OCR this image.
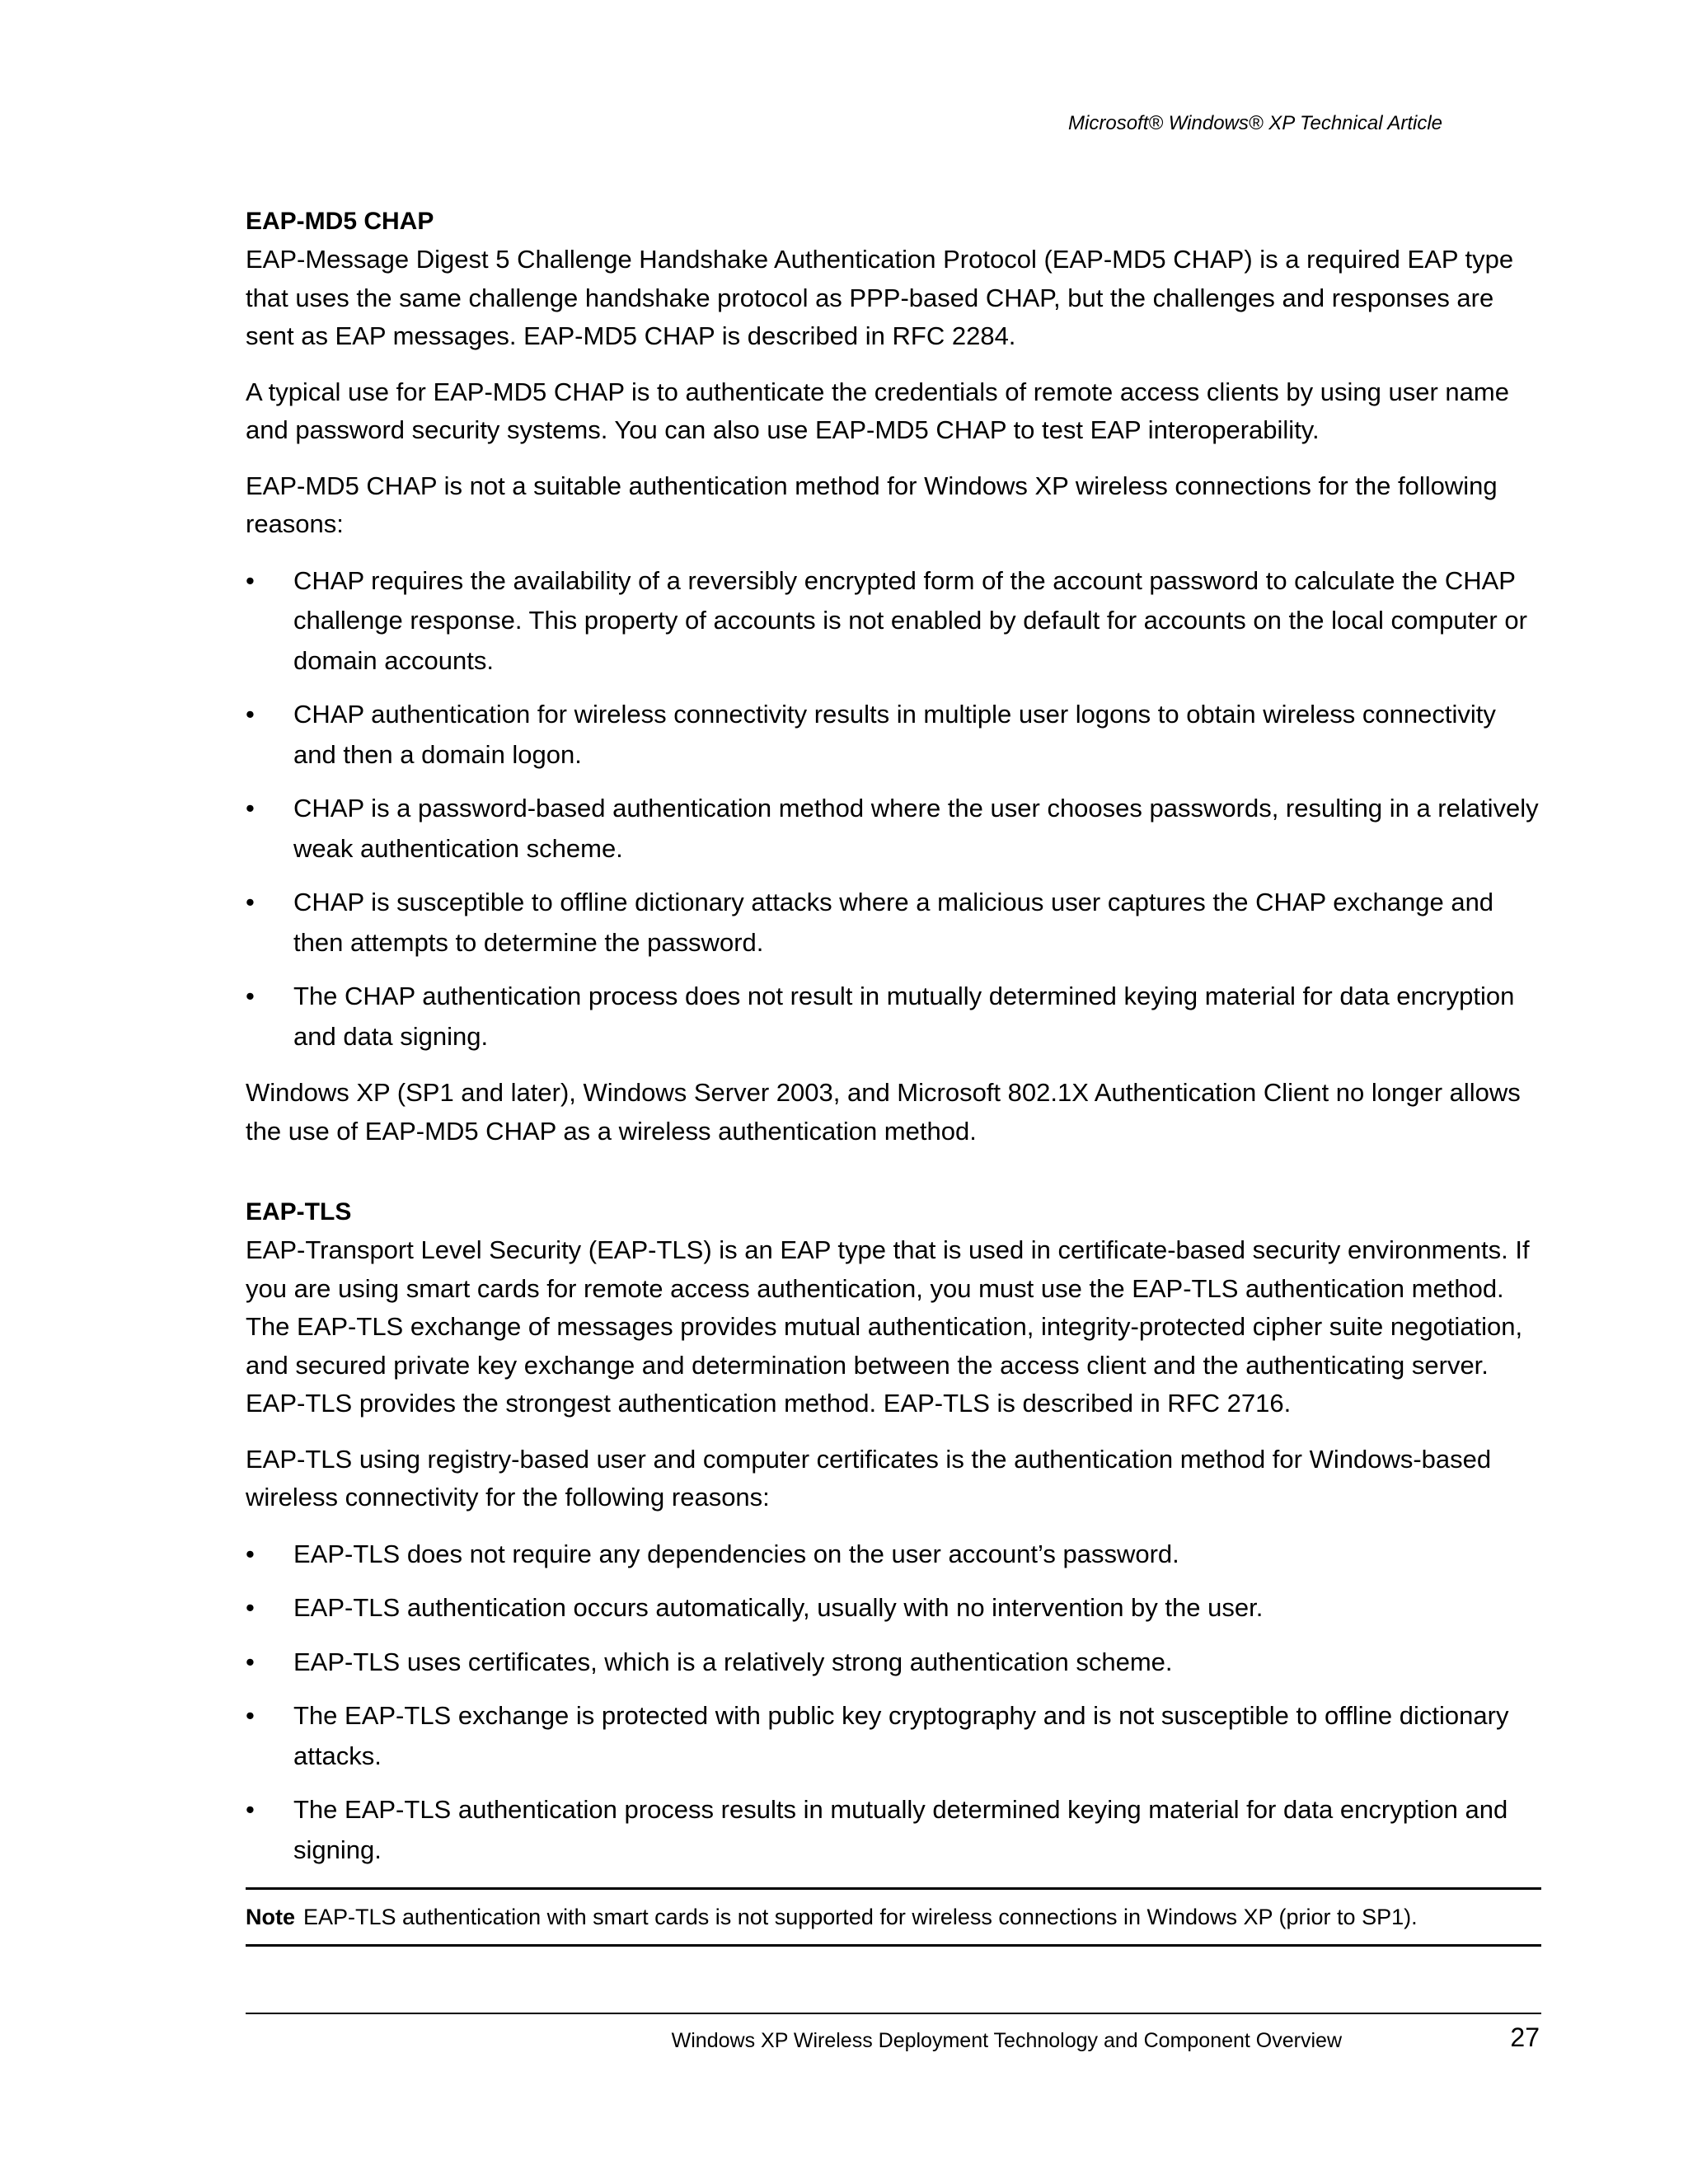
Microsoft® Windows® XP Technical Article
EAP-MD5 CHAP

EAP-Message Digest 5 Challenge Handshake Authentication Protocol (EAP-MD5 CHAP) is a required EAP type that uses the same challenge handshake protocol as PPP-based CHAP, but the challenges and responses are sent as EAP messages. EAP-MD5 CHAP is described in RFC 2284.

A typical use for EAP-MD5 CHAP is to authenticate the credentials of remote access clients by using user name and password security systems. You can also use EAP-MD5 CHAP to test EAP interoperability.

EAP-MD5 CHAP is not a suitable authentication method for Windows XP wireless connections for the following reasons:

• CHAP requires the availability of a reversibly encrypted form of the account password to calculate the CHAP challenge response. This property of accounts is not enabled by default for accounts on the local computer or domain accounts.
• CHAP authentication for wireless connectivity results in multiple user logons to obtain wireless connectivity and then a domain logon.
• CHAP is a password-based authentication method where the user chooses passwords, resulting in a relatively weak authentication scheme.
• CHAP is susceptible to offline dictionary attacks where a malicious user captures the CHAP exchange and then attempts to determine the password.
• The CHAP authentication process does not result in mutually determined keying material for data encryption and data signing.

Windows XP (SP1 and later), Windows Server 2003, and Microsoft 802.1X Authentication Client no longer allows the use of EAP-MD5 CHAP as a wireless authentication method.

EAP-TLS

EAP-Transport Level Security (EAP-TLS) is an EAP type that is used in certificate-based security environments. If you are using smart cards for remote access authentication, you must use the EAP-TLS authentication method. The EAP-TLS exchange of messages provides mutual authentication, integrity-protected cipher suite negotiation, and secured private key exchange and determination between the access client and the authenticating server. EAP-TLS provides the strongest authentication method. EAP-TLS is described in RFC 2716.

EAP-TLS using registry-based user and computer certificates is the authentication method for Windows-based wireless connectivity for the following reasons:

• EAP-TLS does not require any dependencies on the user account’s password.
• EAP-TLS authentication occurs automatically, usually with no intervention by the user.
• EAP-TLS uses certificates, which is a relatively strong authentication scheme.
• The EAP-TLS exchange is protected with public key cryptography and is not susceptible to offline dictionary attacks.
• The EAP-TLS authentication process results in mutually determined keying material for data encryption and signing.
Note EAP-TLS authentication with smart cards is not supported for wireless connections in Windows XP (prior to SP1).
Windows XP Wireless Deployment Technology and Component Overview	27
